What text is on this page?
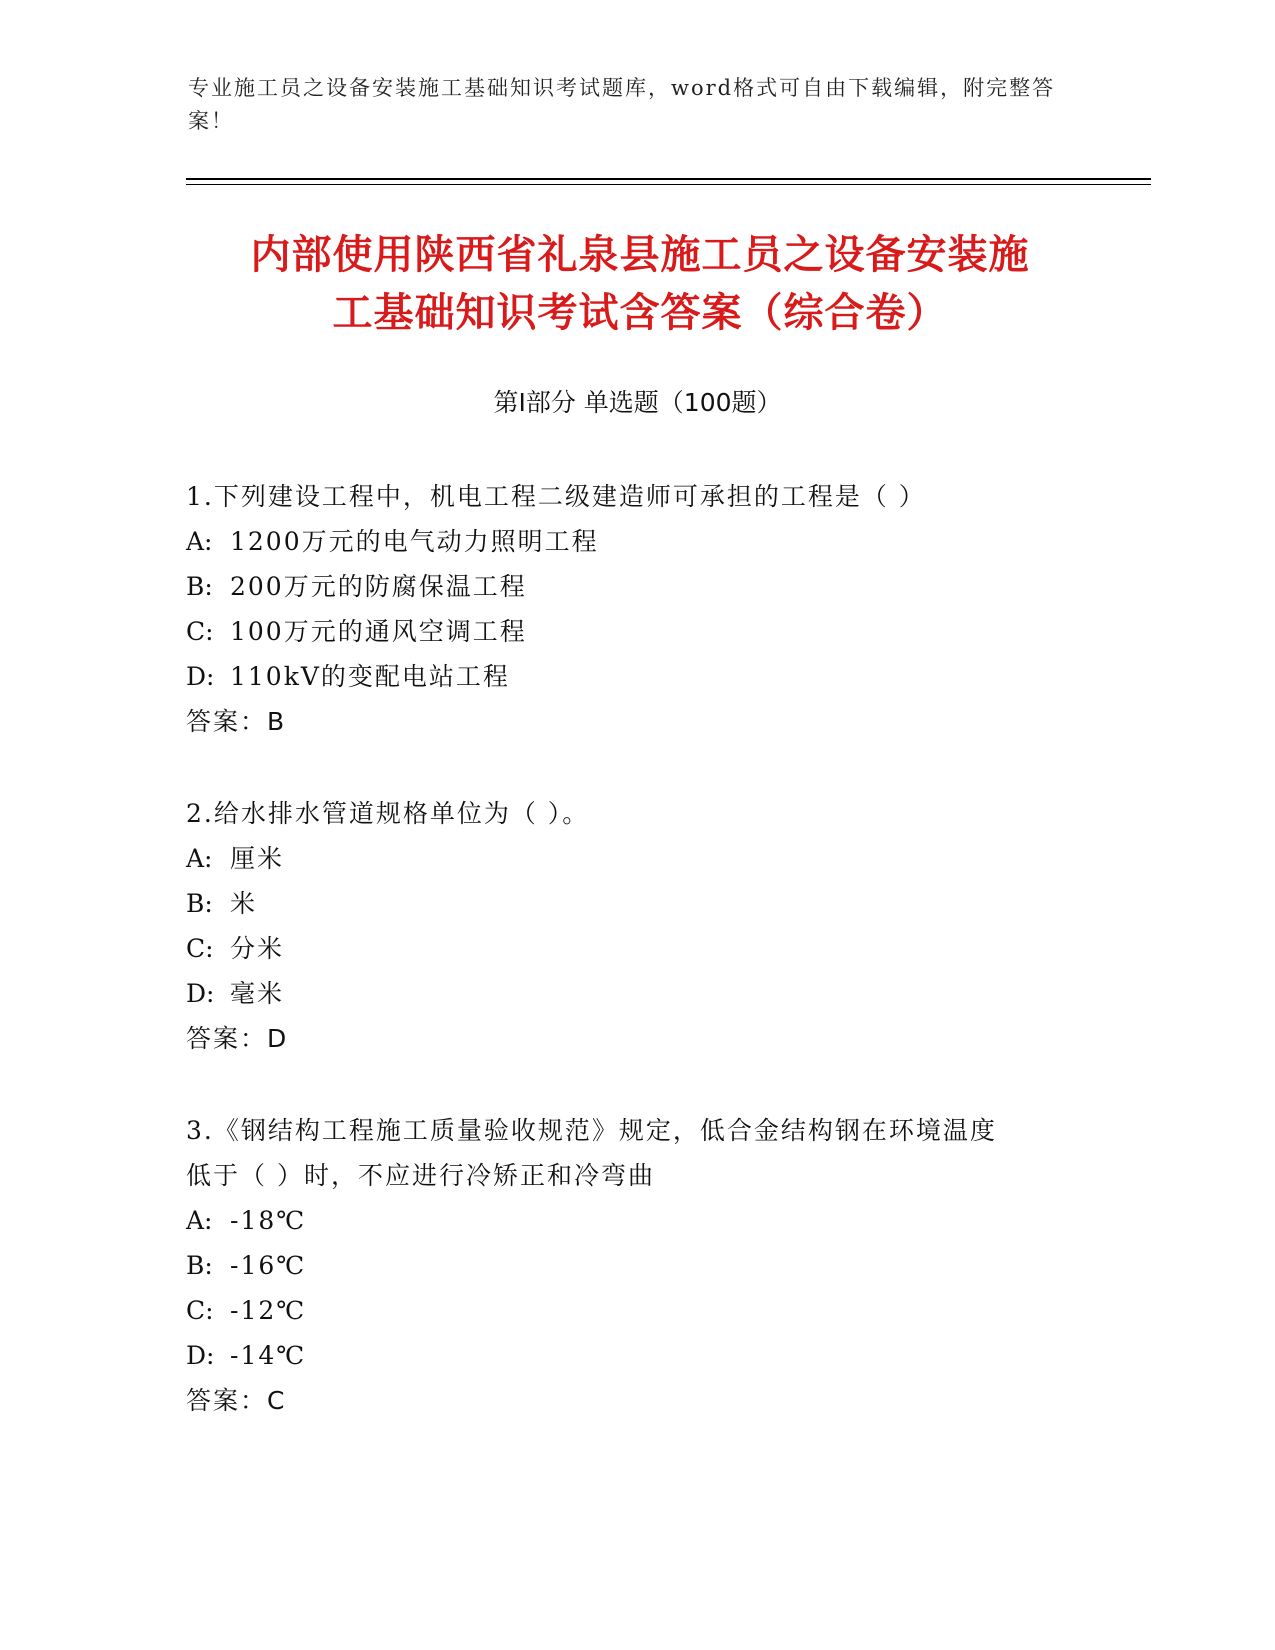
专业施工员之设备安装施工基础知识考试题库，word格式可自由下载编辑，附完整答案！
内部使用陕西省礼泉县施工员之设备安装施
工基础知识考试含答案（综合卷）
第Ⅰ部分 单选题（100题）
1.下列建设工程中，机电工程二级建造师可承担的工程是（ ）
A: 1200万元的电气动力照明工程
B: 200万元的防腐保温工程
C: 100万元的通风空调工程
D: 110kV的变配电站工程
答案：B
2.给水排水管道规格单位为（ ）。
A: 厘米
B: 米
C: 分米
D: 毫米
答案：D
3.《钢结构工程施工质量验收规范》规定，低合金结构钢在环境温度
低于（ ）时，不应进行冷矫正和冷弯曲
A: -18℃
B: -16℃
C: -12℃
D: -14℃
答案：C
